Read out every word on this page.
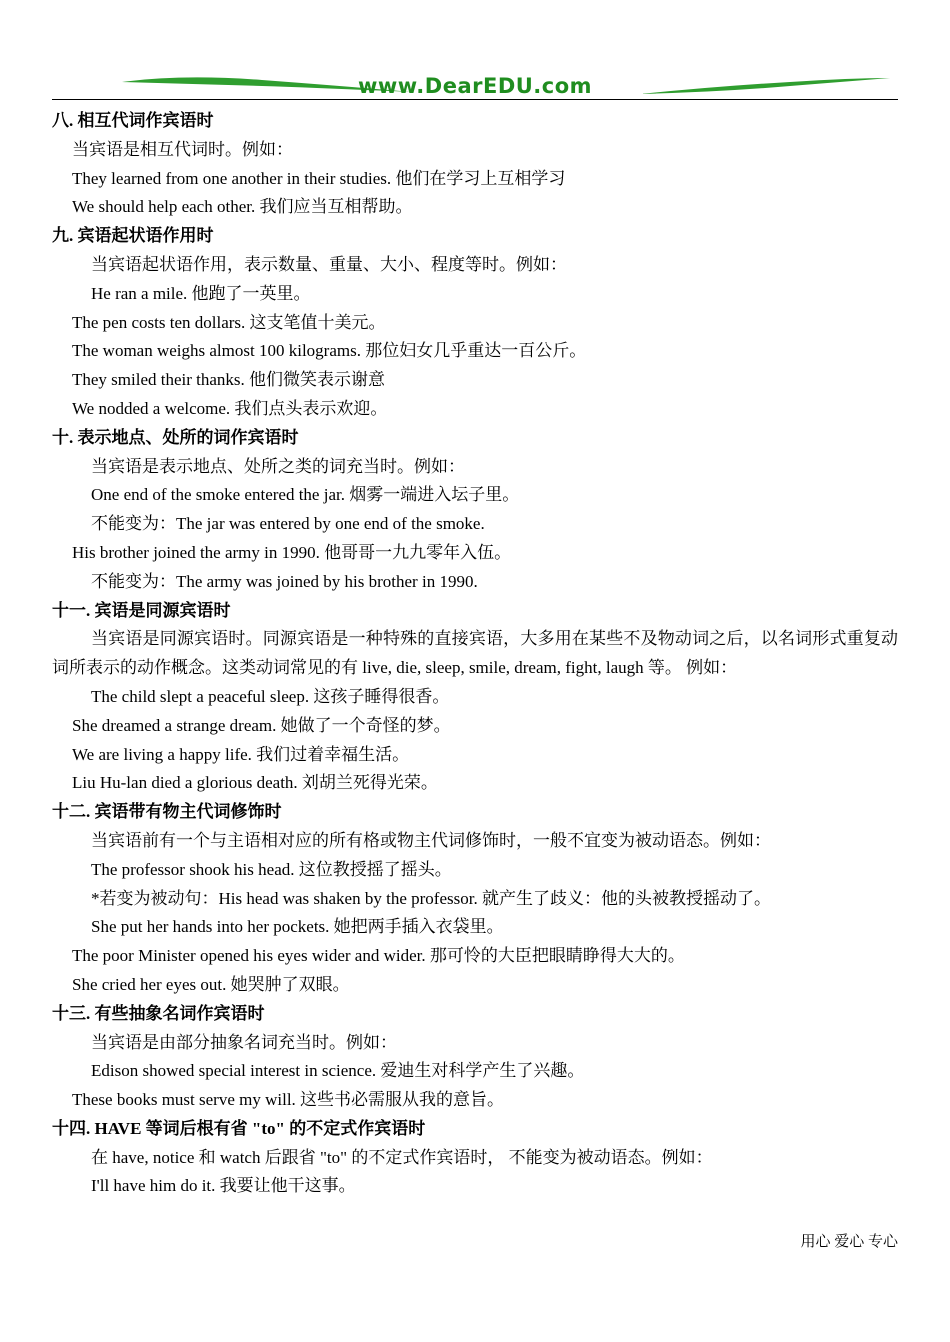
www.DearEDU.com
八. 相互代词作宾语时
当宾语是相互代词时。例如：
They learned from one another in their studies. 他们在学习上互相学习
We should help each other. 我们应当互相帮助。
九. 宾语起状语作用时
当宾语起状语作用，表示数量、重量、大小、程度等时。例如：
He ran a mile. 他跑了一英里。
The pen costs ten dollars. 这支笔值十美元。
The woman weighs almost 100 kilograms. 那位妇女几乎重达一百公斤。
They smiled their thanks. 他们微笑表示谢意
We nodded a welcome. 我们点头表示欢迎。
十. 表示地点、处所的词作宾语时
当宾语是表示地点、处所之类的词充当时。例如：
One end of the smoke entered the jar. 烟雾一端进入坛子里。
不能变为：The jar was entered by one end of the smoke.
His brother joined the army in 1990. 他哥哥一九九零年入伍。
不能变为：The army was joined by his brother in 1990.
十一. 宾语是同源宾语时
当宾语是同源宾语时。同源宾语是一种特殊的直接宾语，大多用在某些不及物动词之后，以名词形式重复动词所表示的动作概念。这类动词常见的有 live, die, sleep, smile, dream, fight, laugh 等。 例如：
The child slept a peaceful sleep. 这孩子睡得很香。
She dreamed a strange dream. 她做了一个奇怪的梦。
We are living a happy life. 我们过着幸福生活。
Liu Hu-lan died a glorious death. 刘胡兰死得光荣。
十二. 宾语带有物主代词修饰时
当宾语前有一个与主语相对应的所有格或物主代词修饰时，一般不宜变为被动语态。例如：
The professor shook his head. 这位教授摇了摇头。
*若变为被动句：His head was shaken by the professor. 就产生了歧义：他的头被教授摇动了。
She put her hands into her pockets. 她把两手插入衣袋里。
The poor Minister opened his eyes wider and wider. 那可怜的大臣把眼睛睁得大大的。
She cried her eyes out. 她哭肿了双眼。
十三. 有些抽象名词作宾语时
当宾语是由部分抽象名词充当时。例如：
Edison showed special interest in science. 爱迪生对科学产生了兴趣。
These books must serve my will. 这些书必需服从我的意旨。
十四. HAVE 等词后根有省 "to" 的不定式作宾语时
在 have, notice 和 watch 后跟省 "to" 的不定式作宾语时， 不能变为被动语态。例如：
I'll have him do it. 我要让他干这事。
用心 爱心 专心
